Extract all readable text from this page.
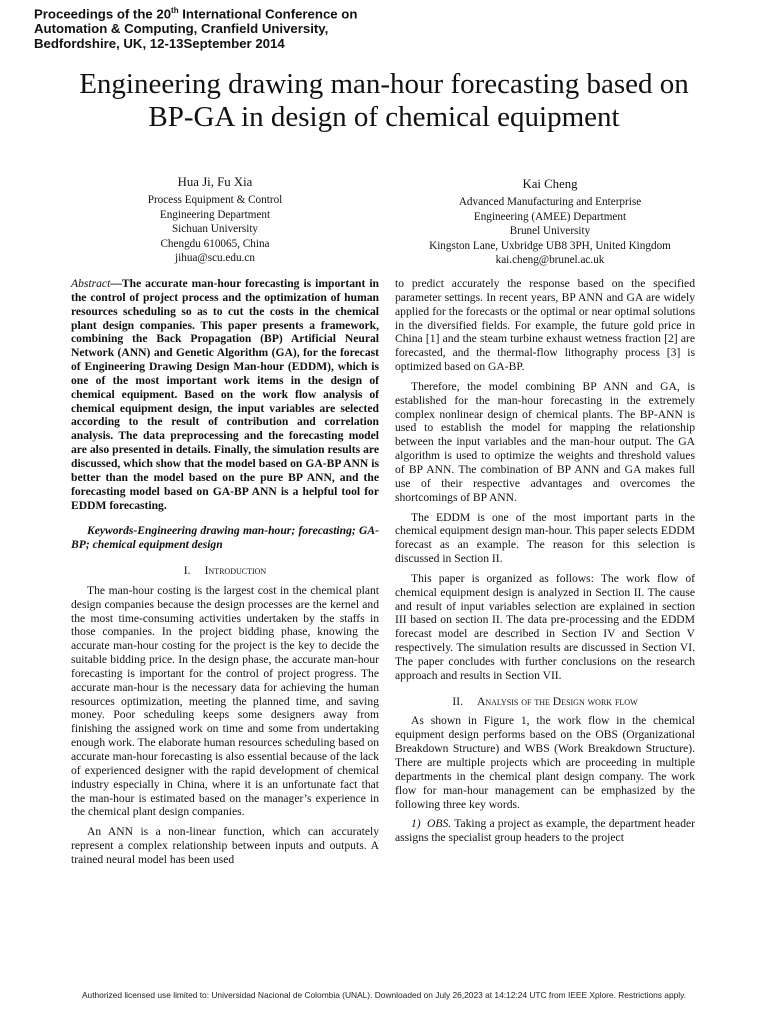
Proceedings of the 20th International Conference on
Automation & Computing, Cranfield University,
Bedfordshire, UK, 12-13September 2014
Engineering drawing man-hour forecasting based on
BP-GA in design of chemical equipment
Hua Ji, Fu Xia
Process Equipment & Control
Engineering Department
Sichuan University
Chengdu 610065, China
jihua@scu.edu.cn
Kai Cheng
Advanced Manufacturing and Enterprise
Engineering (AMEE) Department
Brunel University
Kingston Lane, Uxbridge UB8 3PH, United Kingdom
kai.cheng@brunel.ac.uk

Abstract—The accurate man-hour forecasting is important in the control of project process and the optimization of human resources scheduling so as to cut the costs in the chemical plant design companies. This paper presents a framework, combining the Back Propagation (BP) Artificial Neural Network (ANN) and Genetic Algorithm (GA), for the forecast of Engineering Drawing Design Man-hour (EDDM), which is one of the most important work items in the design of chemical equipment. Based on the work flow analysis of chemical equipment design, the input variables are selected according to the result of contribution and correlation analysis. The data preprocessing and the forecasting model are also presented in details. Finally, the simulation results are discussed, which show that the model based on GA-BP ANN is better than the model based on the pure BP ANN, and the forecasting model based on GA-BP ANN is a helpful tool for EDDM forecasting.

Keywords-Engineering drawing man-hour; forecasting; GA-BP; chemical equipment design

I. Introduction

The man-hour costing is the largest cost in the chemical plant design companies because the design processes are the kernel and the most time-consuming activities undertaken by the staffs in those companies. In the project bidding phase, knowing the accurate man-hour costing for the project is the key to decide the suitable bidding price. In the design phase, the accurate man-hour forecasting is important for the control of project progress. The accurate man-hour is the necessary data for achieving the human resources optimization, meeting the planned time, and saving money. Poor scheduling keeps some designers away from finishing the assigned work on time and some from undertaking enough work. The elaborate human resources scheduling based on accurate man-hour forecasting is also essential because of the lack of experienced designer with the rapid development of chemical industry especially in China, where it is an unfortunate fact that the man-hour is estimated based on the manager’s experience in the chemical plant design companies.

An ANN is a non-linear function, which can accurately represent a complex relationship between inputs and outputs. A trained neural model has been used

to predict accurately the response based on the specified parameter settings. In recent years, BP ANN and GA are widely applied for the forecasts or the optimal or near optimal solutions in the diversified fields. For example, the future gold price in China [1] and the steam turbine exhaust wetness fraction [2] are forecasted, and the thermal-flow lithography process [3] is optimized based on GA-BP.

Therefore, the model combining BP ANN and GA, is established for the man-hour forecasting in the extremely complex nonlinear design of chemical plants. The BP-ANN is used to establish the model for mapping the relationship between the input variables and the man-hour output. The GA algorithm is used to optimize the weights and threshold values of BP ANN. The combination of BP ANN and GA makes full use of their respective advantages and overcomes the shortcomings of BP ANN.

The EDDM is one of the most important parts in the chemical equipment design man-hour. This paper selects EDDM forecast as an example. The reason for this selection is discussed in Section II.

This paper is organized as follows: The work flow of chemical equipment design is analyzed in Section II. The cause and result of input variables selection are explained in section III based on section II. The data pre-processing and the EDDM forecast model are described in Section IV and Section V respectively. The simulation results are discussed in Section VI. The paper concludes with further conclusions on the research approach and results in Section VII.

II. Analysis of the Design work flow

As shown in Figure 1, the work flow in the chemical equipment design performs based on the OBS (Organizational Breakdown Structure) and WBS (Work Breakdown Structure). There are multiple projects which are proceeding in multiple departments in the chemical plant design company. The work flow for man-hour management can be emphasized by the following three key words.

1)  OBS. Taking a project as example, the department header assigns the specialist group headers to the project

Authorized licensed use limited to: Universidad Nacional de Colombia (UNAL). Downloaded on July 26,2023 at 14:12:24 UTC from IEEE Xplore. Restrictions apply.
